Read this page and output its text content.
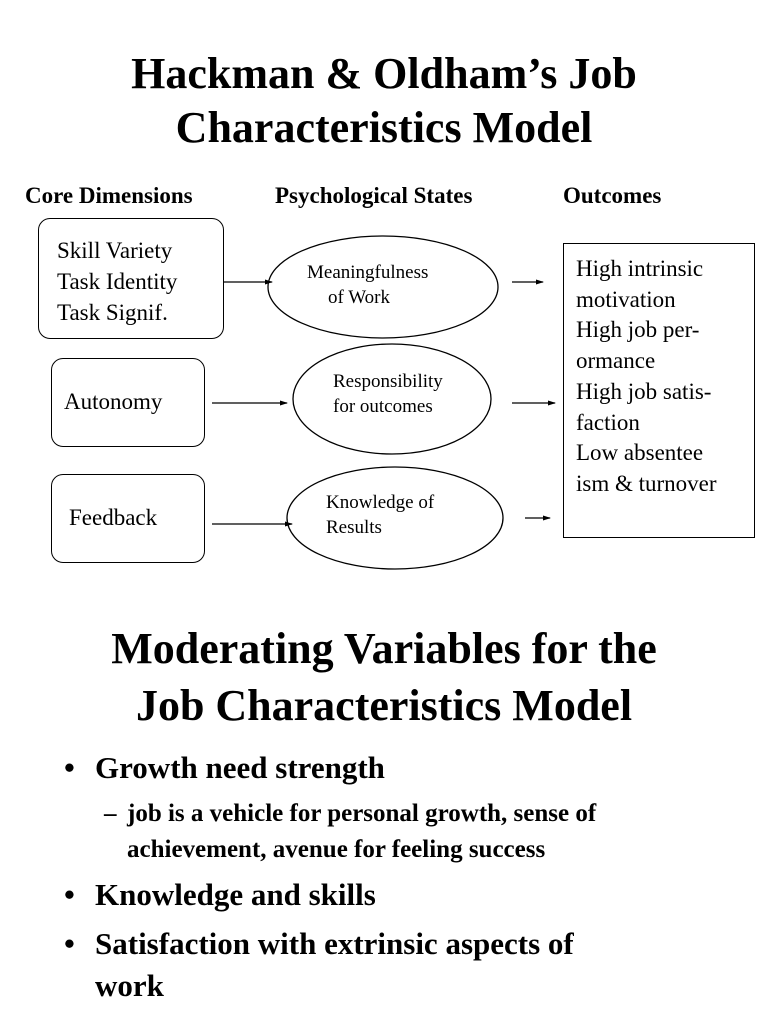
Hackman & Oldham’s Job
Characteristics Model
Core Dimensions	Psychological States	Outcomes
Skill Variety
Task Identity
Task Signif.
Autonomy
Feedback
Meaningfulness
of Work
Responsibility
for outcomes
Knowledge of
Results
High intrinsic
motivation
High job per-
ormance
High job satis-
faction
Low absentee
ism & turnover
Moderating Variables for the
Job Characteristics Model
• Growth need strength
– job is a vehicle for personal growth, sense of
achievement, avenue for feeling success
• Knowledge and skills
• Satisfaction with extrinsic aspects of
work
